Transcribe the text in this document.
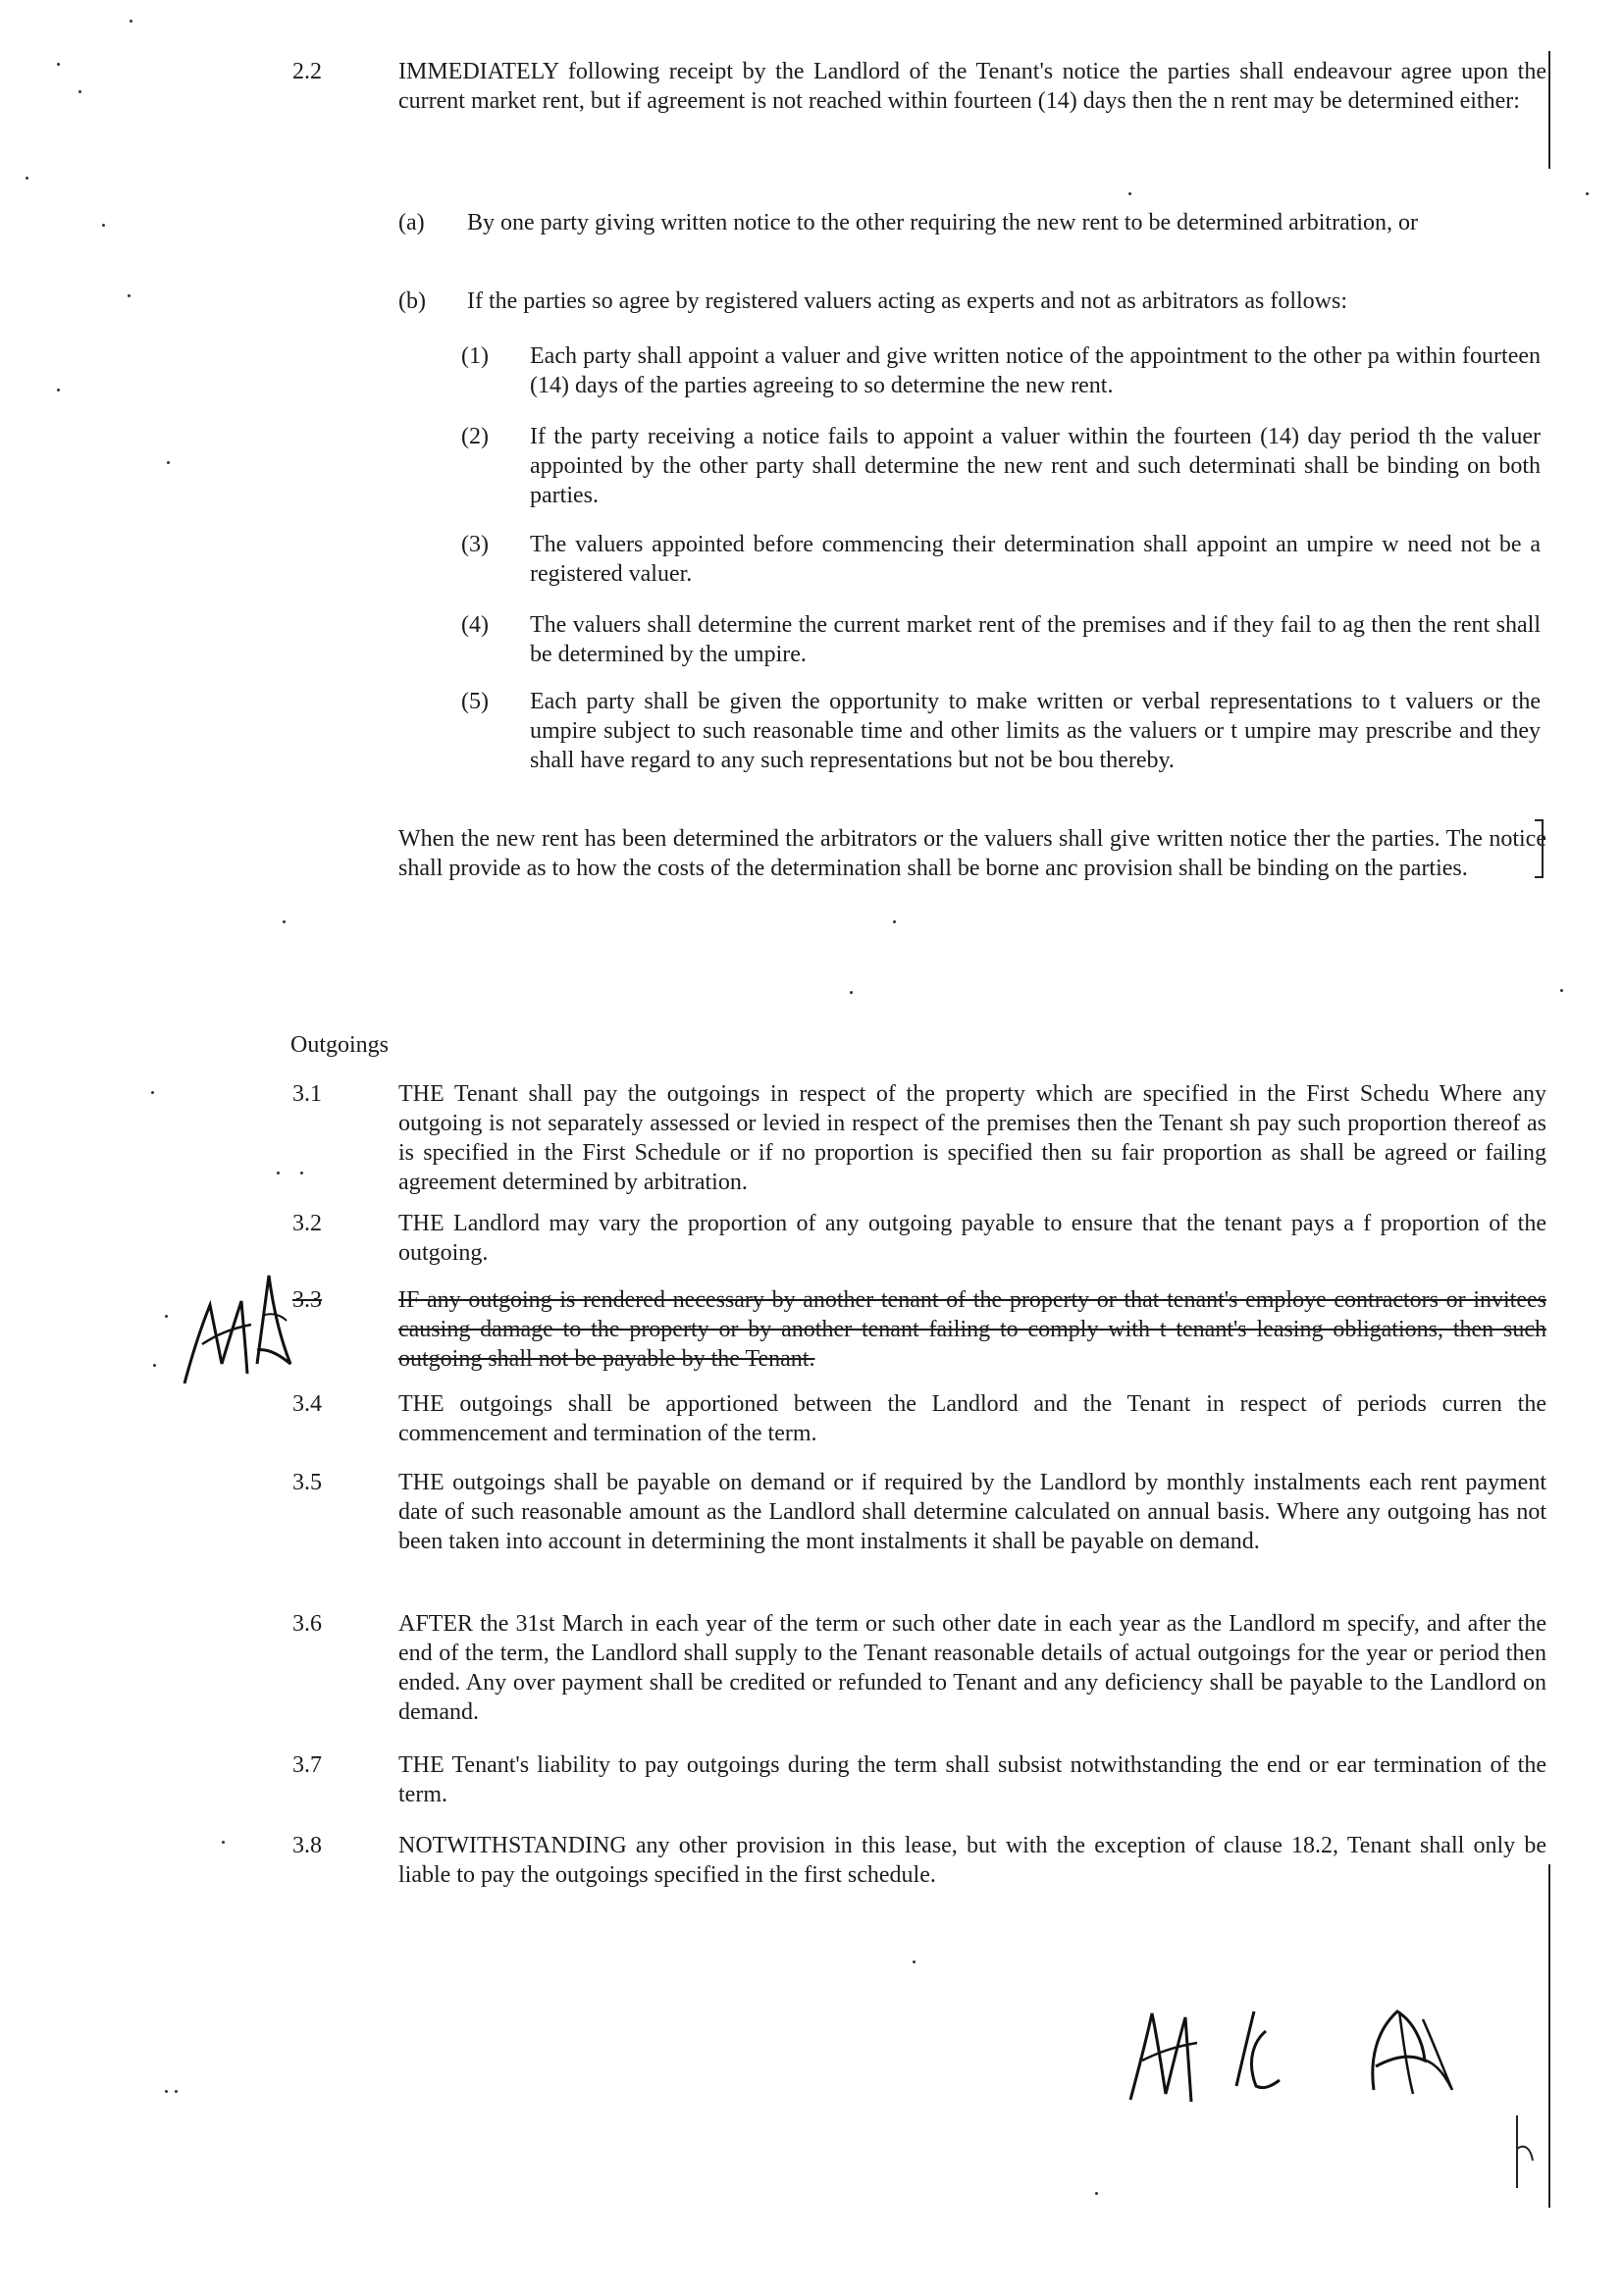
2.2	IMMEDIATELY following receipt by the Landlord of the Tenant's notice the parties shall endeavour agree upon the current market rent, but if agreement is not reached within fourteen (14) days then the n rent may be determined either:
(a)	By one party giving written notice to the other requiring the new rent to be determined arbitration, or
(b)	If the parties so agree by registered valuers acting as experts and not as arbitrators as follows:
(1)	Each party shall appoint a valuer and give written notice of the appointment to the other pa within fourteen (14) days of the parties agreeing to so determine the new rent.
(2)	If the party receiving a notice fails to appoint a valuer within the fourteen (14) day period th the valuer appointed by the other party shall determine the new rent and such determinati shall be binding on both parties.
(3)	The valuers appointed before commencing their determination shall appoint an umpire w need not be a registered valuer.
(4)	The valuers shall determine the current market rent of the premises and if they fail to ag then the rent shall be determined by the umpire.
(5)	Each party shall be given the opportunity to make written or verbal representations to t valuers or the umpire subject to such reasonable time and other limits as the valuers or t umpire may prescribe and they shall have regard to any such representations but not be bou thereby.
When the new rent has been determined the arbitrators or the valuers shall give written notice ther the parties. The notice shall provide as to how the costs of the determination shall be borne anc provision shall be binding on the parties.
Outgoings
3.1	THE Tenant shall pay the outgoings in respect of the property which are specified in the First Schedu Where any outgoing is not separately assessed or levied in respect of the premises then the Tenant sh pay such proportion thereof as is specified in the First Schedule or if no proportion is specified then su fair proportion as shall be agreed or failing agreement determined by arbitration.
3.2	THE Landlord may vary the proportion of any outgoing payable to ensure that the tenant pays a f proportion of the outgoing.
3.3	IF any outgoing is rendered necessary by another tenant of the property or that tenant's employe contractors or invitees causing damage to the property or by another tenant failing to comply with t tenant's leasing obligations, then such outgoing shall not be payable by the Tenant.
3.4	THE outgoings shall be apportioned between the Landlord and the Tenant in respect of periods curren the commencement and termination of the term.
3.5	THE outgoings shall be payable on demand or if required by the Landlord by monthly instalments each rent payment date of such reasonable amount as the Landlord shall determine calculated on annual basis. Where any outgoing has not been taken into account in determining the mont instalments it shall be payable on demand.
3.6	AFTER the 31st March in each year of the term or such other date in each year as the Landlord m specify, and after the end of the term, the Landlord shall supply to the Tenant reasonable details of actual outgoings for the year or period then ended. Any over payment shall be credited or refunded to Tenant and any deficiency shall be payable to the Landlord on demand.
3.7	THE Tenant's liability to pay outgoings during the term shall subsist notwithstanding the end or ear termination of the term.
3.8	NOTWITHSTANDING any other provision in this lease, but with the exception of clause 18.2, Tenant shall only be liable to pay the outgoings specified in the first schedule.
